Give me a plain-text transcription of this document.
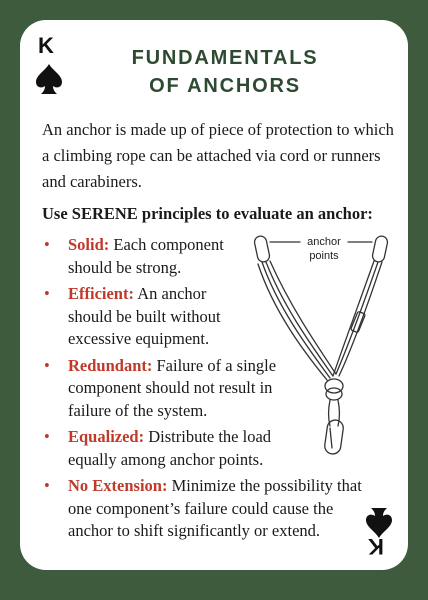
K	FUNDAMENTALS
OF ANCHORS

An anchor is made up of piece of protection to which a climbing rope can be attached via cord or runners and carabiners.

Use SERENE principles to evaluate an anchor:

• Solid: Each component should be strong.
• Efficient: An anchor should be built without excessive equipment.
• Redundant: Failure of a single component should not result in failure of the system.
• Equalized: Distribute the load equally among anchor points.
• No Extension: Minimize the possibility that one component’s failure could cause the anchor to shift significantly or extend.
anchor
points
K
